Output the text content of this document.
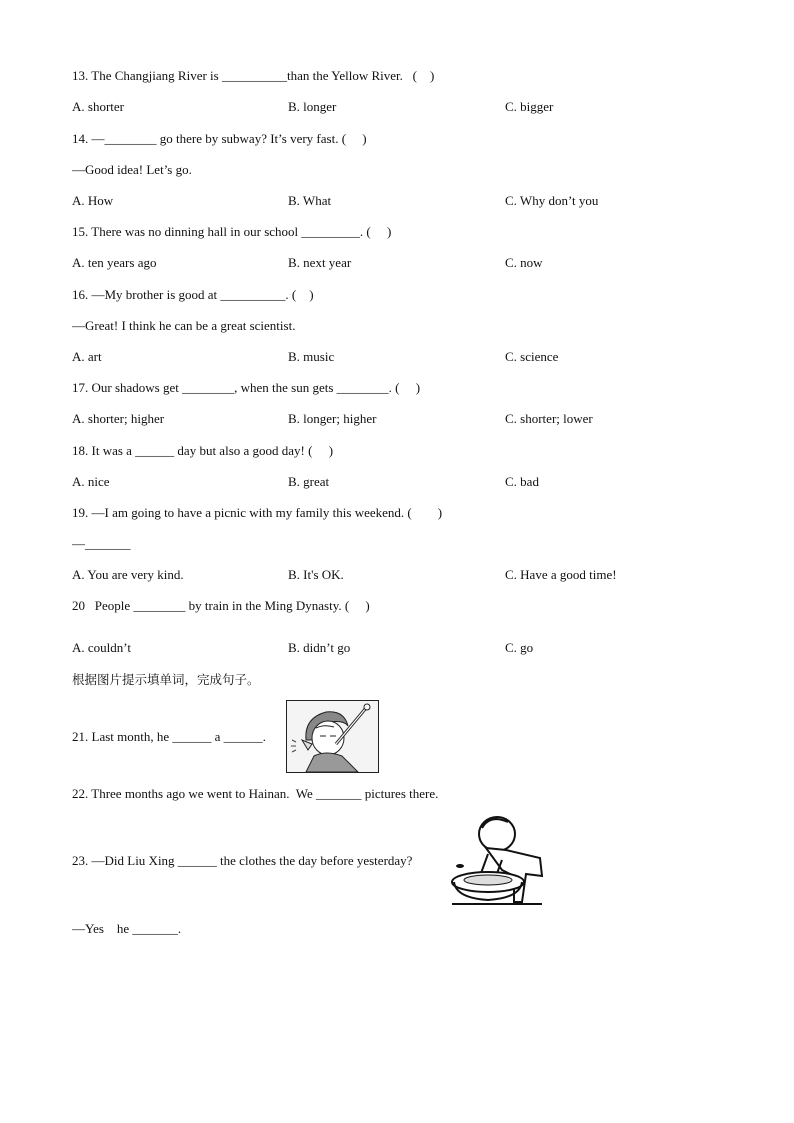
13. The Changjiang River is __________than the Yellow River.   (    )
A. shorter	B. longer	C. bigger
14. —________ go there by subway? It’s very fast. (     )
—Good idea! Let’s go.
A. How	B. What	C. Why don’t you
15. There was no dinning hall in our school _________. (     )
A. ten years ago	B. next year	C. now
16. —My brother is good at __________. (    )
—Great! I think he can be a great scientist.
A. art	B. music	C. science
17. Our shadows get ________, when the sun gets ________. (     )
A. shorter; higher	B. longer; higher	C. shorter; lower
18. It was a ______ day but also a good day! (     )
A. nice	B. great	C. bad
19. —I am going to have a picnic with my family this weekend. (        )
—_______
A. You are very kind.	B. It's OK.	C. Have a good time!
20   People ________ by train in the Ming Dynasty. (     )
A. couldn’t	B. didn’t go	C. go
根据图片提示填单词，完成句子。
21. Last month, he ______ a ______.
22. Three months ago we went to Hainan.  We _______ pictures there.
23. —Did Liu Xing ______ the clothes the day before yesterday?
—Yes    he _______.
